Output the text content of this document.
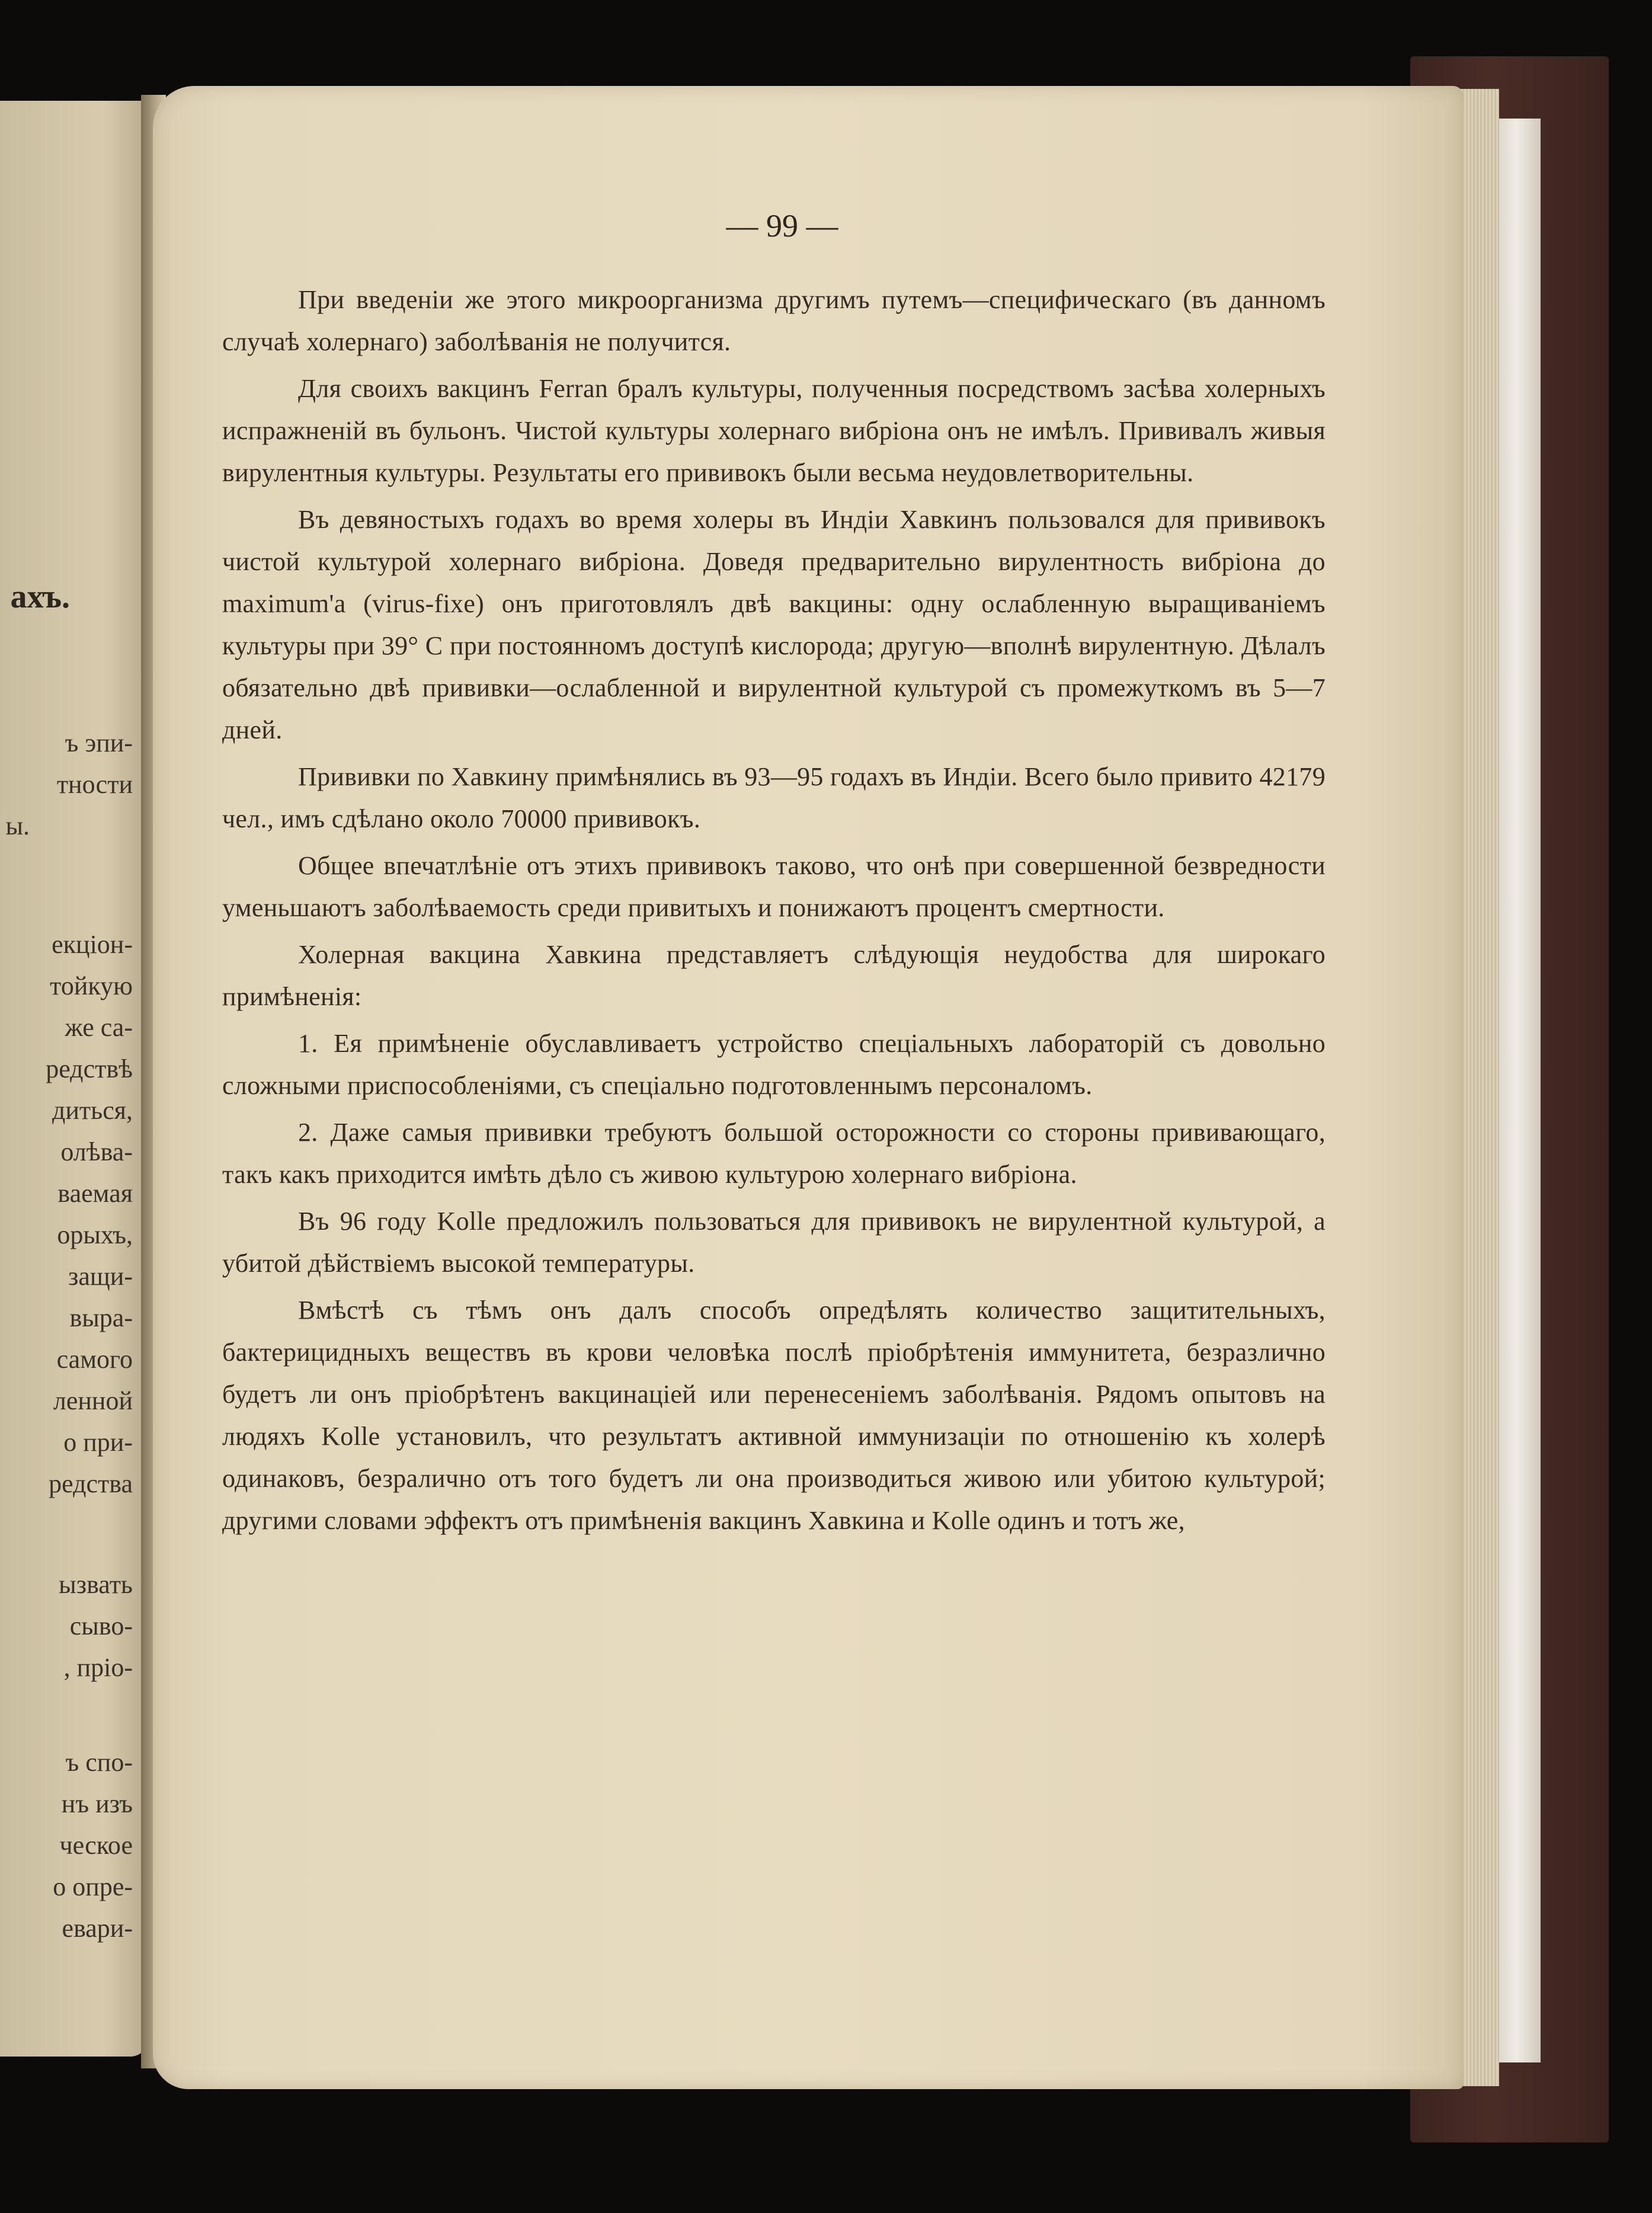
ахъ.
ъ эпи-
тности
ы.
екціон-
тойкую
же са-
редствѣ
диться,
олѣва-
ваемая
орыхъ,
защи-
выра-
самого
ленной
о при-
редства
ызвать
сыво-
, пріо-
ъ спо-
нъ изъ
ческое
о опре-
евари-
— 99 —

При введеніи же этого микроорганизма другимъ путемъ—специфическаго (въ данномъ случаѣ холернаго) заболѣванія не получится.

Для своихъ вакцинъ Ferran бралъ культуры, полученныя посредствомъ засѣва холерныхъ испражненій въ бульонъ. Чистой культуры холернаго вибріона онъ не имѣлъ. Прививалъ живыя вирулентныя культуры. Результаты его прививокъ были весьма неудовлетворительны.

Въ девяностыхъ годахъ во время холеры въ Индіи Хавкинъ пользовался для прививокъ чистой культурой холернаго вибріона. Доведя предварительно вирулентность вибріона до maximum'a (virus-fixe) онъ приготовлялъ двѣ вакцины: одну ослабленную выращиваніемъ культуры при 39° C при постоянномъ доступѣ кислорода; другую—вполнѣ вирулентную. Дѣлалъ обязательно двѣ прививки—ослабленной и вирулентной культурой съ промежуткомъ въ 5—7 дней.

Прививки по Хавкину примѣнялись въ 93—95 годахъ въ Индіи. Всего было привито 42179 чел., имъ сдѣлано около 70000 прививокъ.

Общее впечатлѣніе отъ этихъ прививокъ таково, что онѣ при совершенной безвредности уменьшаютъ заболѣваемость среди привитыхъ и понижаютъ процентъ смертности.

Холерная вакцина Хавкина представляетъ слѣдующія неудобства для широкаго примѣненія:

1. Ея примѣненіе обуславливаетъ устройство спеціальныхъ лабораторій съ довольно сложными приспособленіями, съ спеціально подготовленнымъ персоналомъ.

2. Даже самыя прививки требуютъ большой осторожности со стороны прививающаго, такъ какъ приходится имѣть дѣло съ живою культурою холернаго вибріона.

Въ 96 году Kolle предложилъ пользоваться для прививокъ не вирулентной культурой, а убитой дѣйствіемъ высокой температуры.

Вмѣстѣ съ тѣмъ онъ далъ способъ опредѣлять количество защитительныхъ, бактерицидныхъ веществъ въ крови человѣка послѣ пріобрѣтенія иммунитета, безразлично будетъ ли онъ пріобрѣтенъ вакцинаціей или перенесеніемъ заболѣванія. Рядомъ опытовъ на людяхъ Kolle установилъ, что результатъ активной иммунизаціи по отношенію къ холерѣ одинаковъ, безралично отъ того будетъ ли она производиться живою или убитою культурой; другими словами эффектъ отъ примѣненія вакцинъ Хавкина и Kolle одинъ и тотъ же,
